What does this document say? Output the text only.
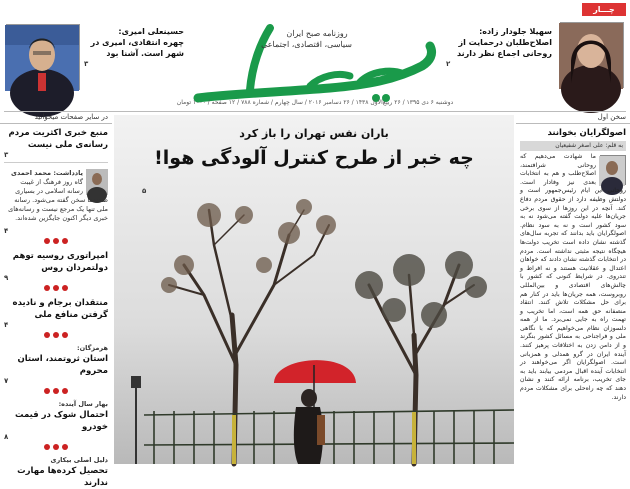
چـــار
روزنامه صبح ایران
سیاسی، اقتصادی، اجتماعی
سهیلا جلودار زاده:
اصلاح‌طلبان درحمایت از روحانی اجماع نظر دارند
۲
حسینعلی امیری:
چهره انتقادی، امیری در شهر است. آشنا بود
۳
دوشنبه ۶ دی ۱۳۹۵ / ۲۶ ربیع‌الاول ۱۴۳۸ / ۲۶ دسامبر ۲۰۱۶ / سال چهارم / شماره ۷۸۸ / ۱۲ صفحه / ۱۰۰۰ تومان
در سایر صفحات میخوانید
منبع خبری اکثریت مردم رسانه‌ی ملی نیست
۳
یادداشت: محمد احمدی
گاه روز فرهنگ از غیبت رسانه اسلامی در بسیاری صحنه‌ها سخن گفته می‌شود. رسانه ملی تنها یک مرجع نیست و رسانه‌های خبری دیگر اکنون جایگزین شده‌اند.
۴
امپراتوری روسیه توهم دولتمردان روس
۹
منتقدان برجام و نادیده گرفتن منافع ملی
۴
هرمزگان:
استان ثروتمند، استان محروم
۷
بهار سال آینده:
احتمال شوک در قیمت خودرو
۸
دلیل اصلی بیکاری
تحصیل کرده‌ها مهارت ندارند
باران نفس تهران را باز کرد
چه خبر از طرح کنترل آلودگی هوا!
۵
سخن اول
اصولگرایان بخوانند
به قلم: علی اصغر شفیعیان
ما شهادت می‌دهیم که روحانی شرافتمند، اصلاح‌طلب و هم به انتخابات بعدی نیز وفادار است. روحانی این ایام رئیس‌جمهور است و دولتش وظیفه دارد از حقوق مردم دفاع کند. آنچه در این روزها از سوی برخی جریان‌ها علیه دولت گفته می‌شود نه به سود کشور است و نه به سود نظام. اصولگرایان باید بدانند که تجربه سال‌های گذشته نشان داده است تخریب دولت‌ها هیچگاه نتیجه مثبتی نداشته است. مردم در انتخابات گذشته نشان دادند که خواهان اعتدال و عقلانیت هستند و نه افراط و تندروی. در شرایط کنونی که کشور با چالش‌های اقتصادی و بین‌المللی روبروست، همه جریان‌ها باید در کنار هم برای حل مشکلات تلاش کنند. انتقاد منصفانه حق همه است، اما تخریب و تهمت راه به جایی نمی‌برد. ما از همه دلسوزان نظام می‌خواهیم که با نگاهی ملی و فراجناحی به مسائل کشور بنگرند و از دامن زدن به اختلافات پرهیز کنند. آینده ایران در گرو همدلی و همزبانی است. اصولگرایان اگر می‌خواهند در انتخابات آینده اقبال مردمی بیابند باید به جای تخریب، برنامه ارائه کنند و نشان دهند که چه راه‌حلی برای مشکلات مردم دارند.
